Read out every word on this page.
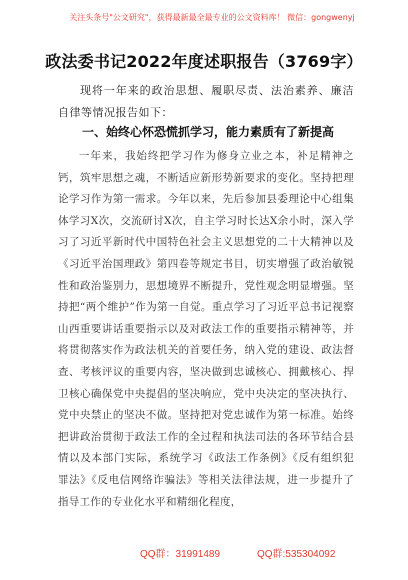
关注头条号"公文研究"，获得最新最全最专业的公文资料库！ 微信：gongwenyj
政法委书记2022年度述职报告（3769字）
现将一年来的政治思想、履职尽责、法治素养、廉洁自律等情况报告如下：
一、始终心怀恐慌抓学习，能力素质有了新提高
一年来，我始终把学习作为修身立业之本，补足精神之钙，筑牢思想之魂，不断适应新形势新要求的变化。坚持把理论学习作为第一需求。今年以来，先后参加县委理论中心组集体学习X次，交流研讨X次，自主学习时长达X余小时，深入学习了习近平新时代中国特色社会主义思想党的二十大精神以及《习近平治国理政》第四卷等规定书目，切实增强了政治敏锐性和政治鉴别力，思想境界不断提升，党性观念明显增强。坚持把“两个维护”作为第一自觉。重点学习了习近平总书记视察山西重要讲话重要指示以及对政法工作的重要指示精神等，并将贯彻落实作为政法机关的首要任务，纳入党的建设、政法督查、考核评议的重要内容，坚决做到忠诚核心、拥戴核心、捍卫核心确保党中央提倡的坚决响应，党中央决定的坚决执行、党中央禁止的坚决不做。坚持把对党忠诚作为第一标准。始终把讲政治贯彻于政法工作的全过程和执法司法的各环节结合县情以及本部门实际，系统学习《政法工作条例》《反有组织犯罪法》《反电信网络诈骗法》等相关法律法规，进一步提升了指导工作的专业化水平和精细化程度，
QQ群：31991489	QQ群:535304092
